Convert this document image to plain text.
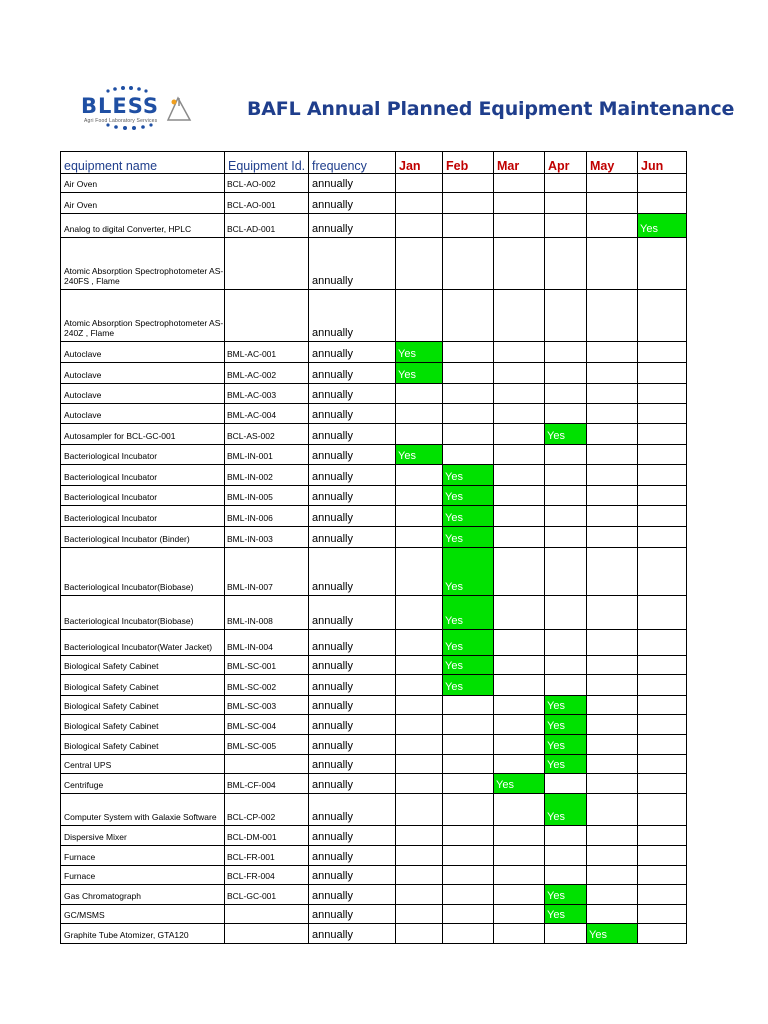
BLESS
Agri Food Laboratory Services
BAFL Annual Planned Equipment Maintenance
equipment name	Equipment Id.	frequency	Jan	Feb	Mar	Apr	May	Jun
Air Oven	BCL-AO-002	annually						
Air Oven	BCL-AO-001	annually						
Analog to digital Converter, HPLC	BCL-AD-001	annually						Yes
Atomic Absorption Spectrophotometer AS-240FS , Flame		annually						
Atomic Absorption Spectrophotometer AS-240Z , Flame		annually						
Autoclave	BML-AC-001	annually	Yes					
Autoclave	BML-AC-002	annually	Yes					
Autoclave	BML-AC-003	annually						
Autoclave	BML-AC-004	annually						
Autosampler for BCL-GC-001	BCL-AS-002	annually				Yes		
Bacteriological Incubator	BML-IN-001	annually	Yes					
Bacteriological Incubator	BML-IN-002	annually		Yes				
Bacteriological Incubator	BML-IN-005	annually		Yes				
Bacteriological Incubator	BML-IN-006	annually		Yes				
Bacteriological Incubator (Binder)	BML-IN-003	annually		Yes				
Bacteriological Incubator(Biobase)	BML-IN-007	annually		Yes				
Bacteriological Incubator(Biobase)	BML-IN-008	annually		Yes				
Bacteriological Incubator(Water Jacket)	BML-IN-004	annually		Yes				
Biological Safety Cabinet	BML-SC-001	annually		Yes				
Biological Safety Cabinet	BML-SC-002	annually		Yes				
Biological Safety Cabinet	BML-SC-003	annually				Yes		
Biological Safety Cabinet	BML-SC-004	annually				Yes		
Biological Safety Cabinet	BML-SC-005	annually				Yes		
Central UPS		annually				Yes		
Centrifuge	BML-CF-004	annually			Yes			
Computer System with Galaxie Software	BCL-CP-002	annually				Yes		
Dispersive Mixer	BCL-DM-001	annually						
Furnace	BCL-FR-001	annually						
Furnace	BCL-FR-004	annually						
Gas Chromatograph	BCL-GC-001	annually				Yes		
GC/MSMS		annually				Yes		
Graphite Tube Atomizer, GTA120		annually					Yes	
